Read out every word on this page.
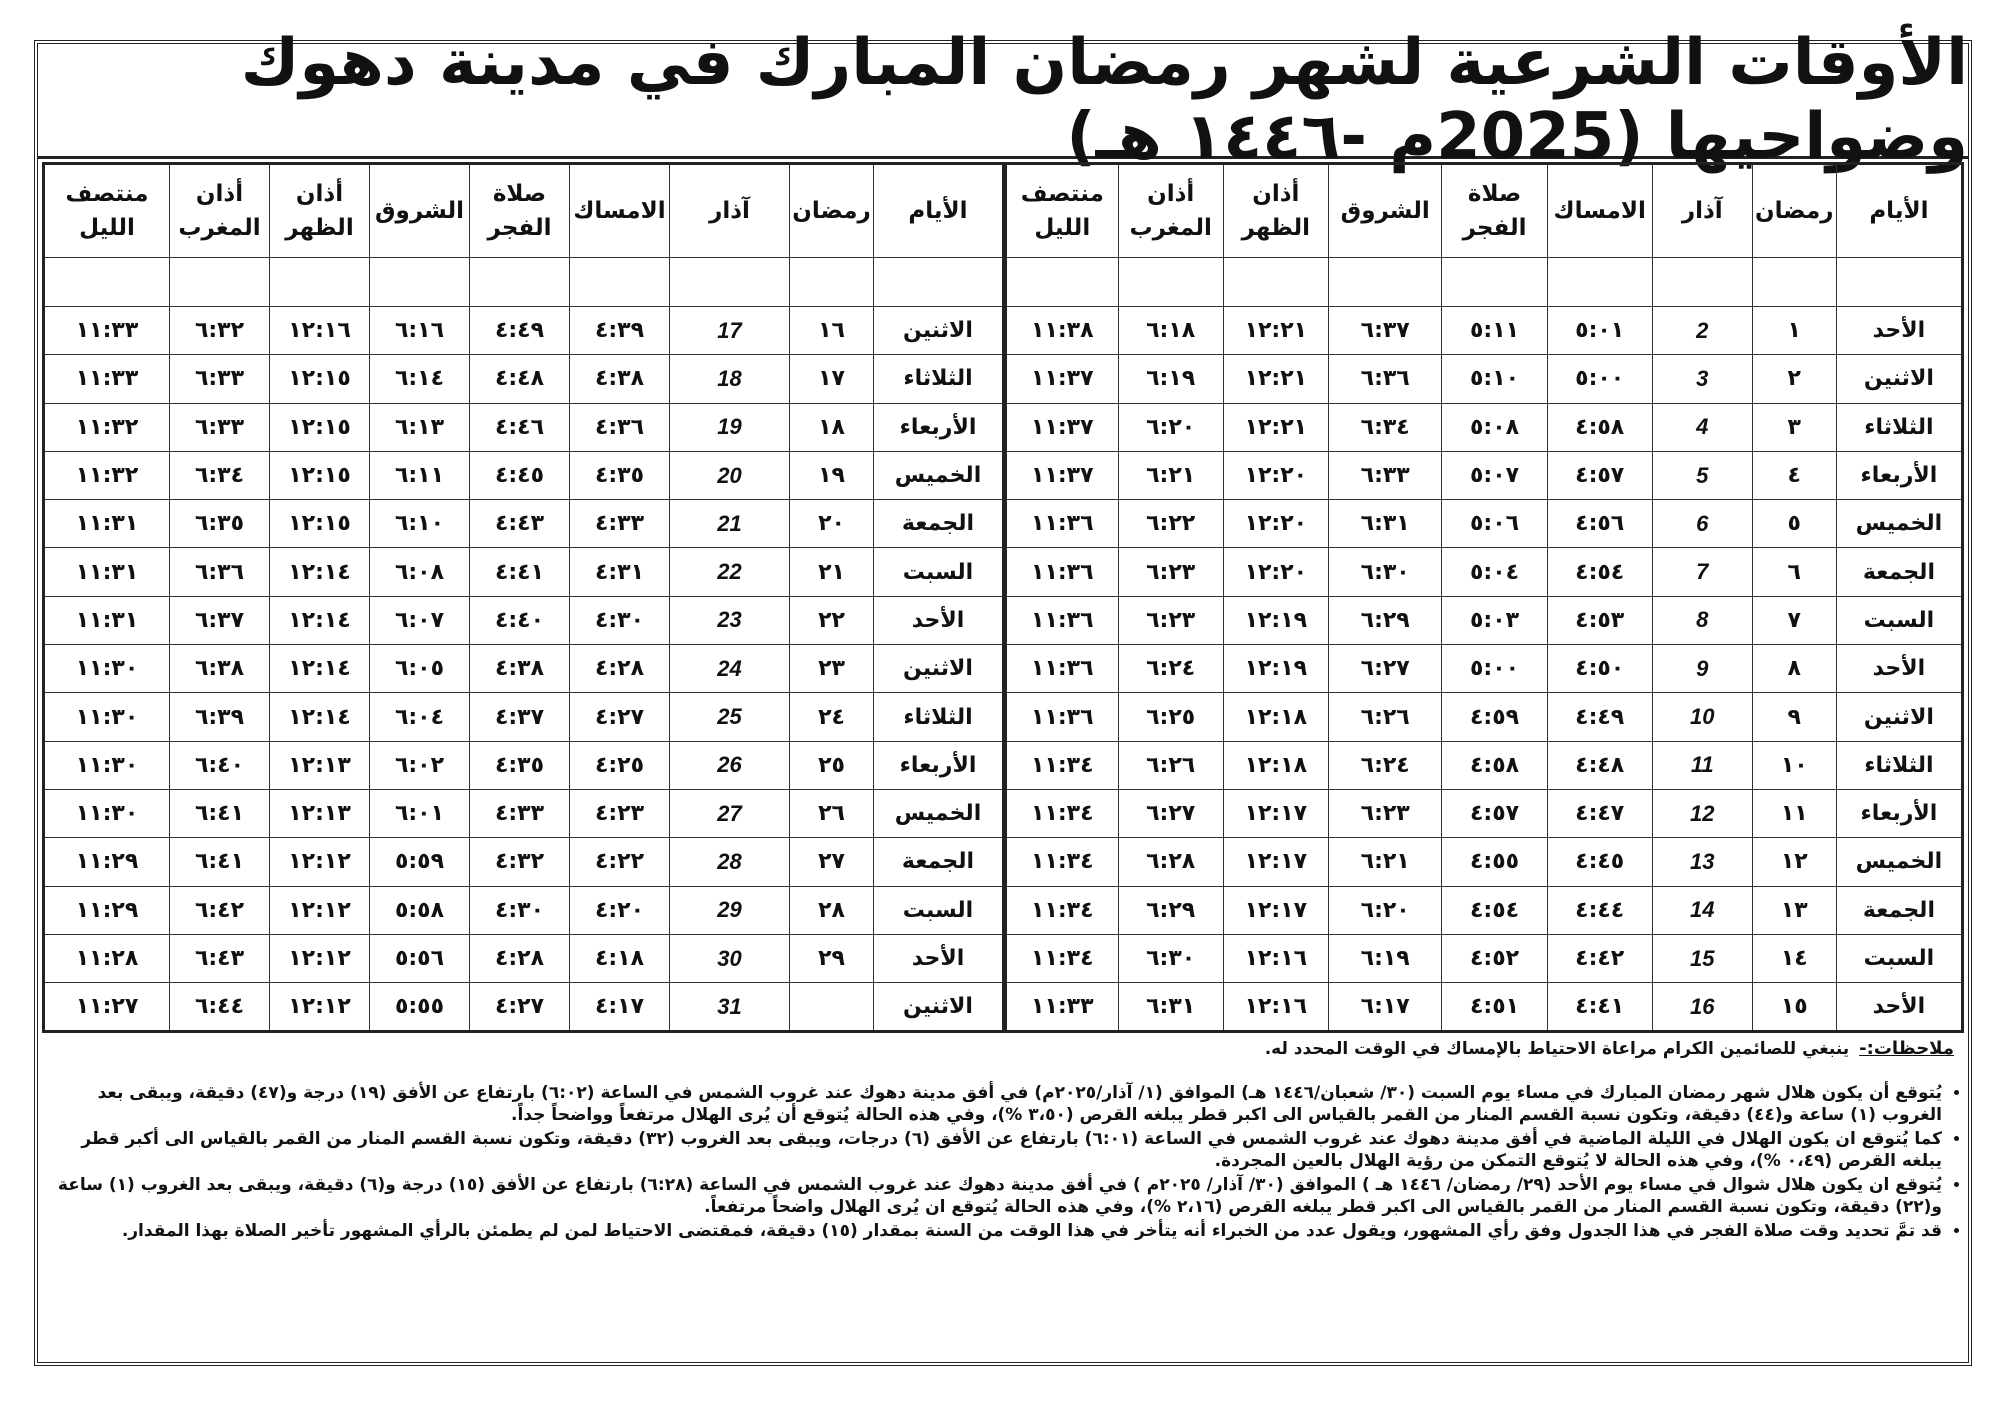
الأوقات الشرعية لشهر رمضان المبارك في مدينة دهوك وضواحيها (2025م -١٤٤٦ هـ)
الأيام	رمضان	آذار	الامساك	صلاة الفجر	الشروق	أذان الظهر	أذان المغرب	منتصف الليل

الأحد	١	2	٥:٠١	٥:١١	٦:٣٧	١٢:٢١	٦:١٨	١١:٣٨
الاثنين	٢	3	٥:٠٠	٥:١٠	٦:٣٦	١٢:٢١	٦:١٩	١١:٣٧
الثلاثاء	٣	4	٤:٥٨	٥:٠٨	٦:٣٤	١٢:٢١	٦:٢٠	١١:٣٧
الأربعاء	٤	5	٤:٥٧	٥:٠٧	٦:٣٣	١٢:٢٠	٦:٢١	١١:٣٧
الخميس	٥	6	٤:٥٦	٥:٠٦	٦:٣١	١٢:٢٠	٦:٢٢	١١:٣٦
الجمعة	٦	7	٤:٥٤	٥:٠٤	٦:٣٠	١٢:٢٠	٦:٢٣	١١:٣٦
السبت	٧	8	٤:٥٣	٥:٠٣	٦:٢٩	١٢:١٩	٦:٢٣	١١:٣٦
الأحد	٨	9	٤:٥٠	٥:٠٠	٦:٢٧	١٢:١٩	٦:٢٤	١١:٣٦
الاثنين	٩	10	٤:٤٩	٤:٥٩	٦:٢٦	١٢:١٨	٦:٢٥	١١:٣٦
الثلاثاء	١٠	11	٤:٤٨	٤:٥٨	٦:٢٤	١٢:١٨	٦:٢٦	١١:٣٤
الأربعاء	١١	12	٤:٤٧	٤:٥٧	٦:٢٣	١٢:١٧	٦:٢٧	١١:٣٤
الخميس	١٢	13	٤:٤٥	٤:٥٥	٦:٢١	١٢:١٧	٦:٢٨	١١:٣٤
الجمعة	١٣	14	٤:٤٤	٤:٥٤	٦:٢٠	١٢:١٧	٦:٢٩	١١:٣٤
السبت	١٤	15	٤:٤٢	٤:٥٢	٦:١٩	١٢:١٦	٦:٣٠	١١:٣٤
الأحد	١٥	16	٤:٤١	٤:٥١	٦:١٧	١٢:١٦	٦:٣١	١١:٣٣
الأيام	رمضان	آذار	الامساك	صلاة الفجر	الشروق	أذان الظهر	أذان المغرب	منتصف الليل

الاثنين	١٦	17	٤:٣٩	٤:٤٩	٦:١٦	١٢:١٦	٦:٣٢	١١:٣٣
الثلاثاء	١٧	18	٤:٣٨	٤:٤٨	٦:١٤	١٢:١٥	٦:٣٣	١١:٣٣
الأربعاء	١٨	19	٤:٣٦	٤:٤٦	٦:١٣	١٢:١٥	٦:٣٣	١١:٣٢
الخميس	١٩	20	٤:٣٥	٤:٤٥	٦:١١	١٢:١٥	٦:٣٤	١١:٣٢
الجمعة	٢٠	21	٤:٣٣	٤:٤٣	٦:١٠	١٢:١٥	٦:٣٥	١١:٣١
السبت	٢١	22	٤:٣١	٤:٤١	٦:٠٨	١٢:١٤	٦:٣٦	١١:٣١
الأحد	٢٢	23	٤:٣٠	٤:٤٠	٦:٠٧	١٢:١٤	٦:٣٧	١١:٣١
الاثنين	٢٣	24	٤:٢٨	٤:٣٨	٦:٠٥	١٢:١٤	٦:٣٨	١١:٣٠
الثلاثاء	٢٤	25	٤:٢٧	٤:٣٧	٦:٠٤	١٢:١٤	٦:٣٩	١١:٣٠
الأربعاء	٢٥	26	٤:٢٥	٤:٣٥	٦:٠٢	١٢:١٣	٦:٤٠	١١:٣٠
الخميس	٢٦	27	٤:٢٣	٤:٣٣	٦:٠١	١٢:١٣	٦:٤١	١١:٣٠
الجمعة	٢٧	28	٤:٢٢	٤:٣٢	٥:٥٩	١٢:١٢	٦:٤١	١١:٢٩
السبت	٢٨	29	٤:٢٠	٤:٣٠	٥:٥٨	١٢:١٢	٦:٤٢	١١:٢٩
الأحد	٢٩	30	٤:١٨	٤:٢٨	٥:٥٦	١٢:١٢	٦:٤٣	١١:٢٨
الاثنين		31	٤:١٧	٤:٢٧	٥:٥٥	١٢:١٢	٦:٤٤	١١:٢٧
ملاحظات:-
ينبغي للصائمين الكرام مراعاة الاحتياط بالإمساك في الوقت المحدد له.
• يُتوقع أن يكون هلال شهر رمضان المبارك في مساء يوم السبت (٣٠/ شعبان/١٤٤٦ هـ) الموافق (١/ آذار/٢٠٢٥م) في أفق مدينة دهوك عند غروب الشمس في الساعة (٦:٠٢) بارتفاع عن الأفق (١٩) درجة و(٤٧) دقيقة، ويبقى بعد الغروب (١) ساعة و(٤٤) دقيقة، وتكون نسبة القسم المنار من القمر بالقياس الى اكبر قطر يبلغه القرص (٣،٥٠ %)، وفي هذه الحالة يُتوقع أن يُرى الهلال مرتفعاً وواضحاً جداً.
• كما يُتوقع ان يكون الهلال في الليلة الماضية في أفق مدينة دهوك عند غروب الشمس في الساعة (٦:٠١) بارتفاع عن الأفق (٦) درجات، ويبقى بعد الغروب (٣٢) دقيقة، وتكون نسبة القسم المنار من القمر بالقياس الى أكبر قطر يبلغه القرص (٠،٤٩ %)، وفي هذه الحالة لا يُتوقع التمكن من رؤية الهلال بالعين المجردة.
• يُتوقع ان يكون هلال شوال في مساء يوم الأحد (٢٩/ رمضان/ ١٤٤٦ هـ ) الموافق (٣٠/ آذار/ ٢٠٢٥م ) في أفق مدينة دهوك عند غروب الشمس في الساعة (٦:٢٨) بارتفاع عن الأفق (١٥) درجة و(٦) دقيقة، ويبقى بعد الغروب (١) ساعة و(٢٢) دقيقة، وتكون نسبة القسم المنار من القمر بالقياس الى اكبر قطر يبلغه القرص (٢،١٦ %)، وفي هذه الحالة يُتوقع ان يُرى الهلال واضحاً مرتفعاً.
• قد تمَّ تحديد وقت صلاة الفجر في هذا الجدول وفق رأي المشهور، ويقول عدد من الخبراء أنه يتأخر في هذا الوقت من السنة بمقدار (١٥) دقيقة، فمقتضى الاحتياط لمن لم يطمئن بالرأي المشهور تأخير الصلاة بهذا المقدار.
